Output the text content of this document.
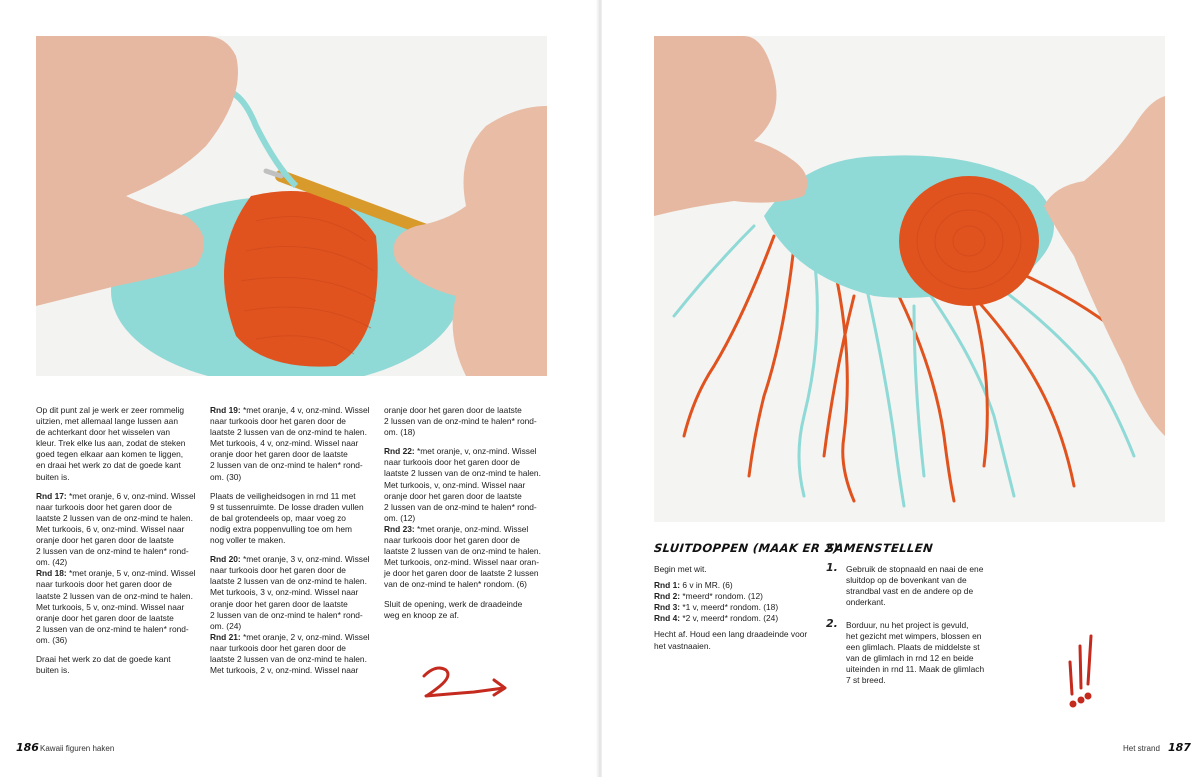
Op dit punt zal je werk er zeer rommelig
uitzien, met allemaal lange lussen aan
de achterkant door het wisselen van
kleur. Trek elke lus aan, zodat de steken
goed tegen elkaar aan komen te liggen,
en draai het werk zo dat de goede kant
buiten is.

Rnd 17: *met oranje, 6 v, onz-mind. Wissel
naar turkoois door het garen door de
laatste 2 lussen van de onz-mind te halen.
Met turkoois, 6 v, onz-mind. Wissel naar
oranje door het garen door de laatste
2 lussen van de onz-mind te halen* rond-
om. (42)

Rnd 18: *met oranje, 5 v, onz-mind. Wissel
naar turkoois door het garen door de
laatste 2 lussen van de onz-mind te halen.
Met turkoois, 5 v, onz-mind. Wissel naar
oranje door het garen door de laatste
2 lussen van de onz-mind te halen* rond-
om. (36)

Draai het werk zo dat de goede kant
buiten is.

Rnd 19: *met oranje, 4 v, onz-mind. Wissel
naar turkoois door het garen door de
laatste 2 lussen van de onz-mind te halen.
Met turkoois, 4 v, onz-mind. Wissel naar
oranje door het garen door de laatste
2 lussen van de onz-mind te halen* rond-
om. (30)

Plaats de veiligheidsogen in rnd 11 met
9 st tussenruimte. De losse draden vullen
de bal grotendeels op, maar voeg zo
nodig extra poppenvulling toe om hem
nog voller te maken.

Rnd 20: *met oranje, 3 v, onz-mind. Wissel
naar turkoois door het garen door de
laatste 2 lussen van de onz-mind te halen.
Met turkoois, 3 v, onz-mind. Wissel naar
oranje door het garen door de laatste
2 lussen van de onz-mind te halen* rond-
om. (24)

Rnd 21: *met oranje, 2 v, onz-mind. Wissel
naar turkoois door het garen door de
laatste 2 lussen van de onz-mind te halen.
Met turkoois, 2 v, onz-mind. Wissel naar

oranje door het garen door de laatste
2 lussen van de onz-mind te halen* rond-
om. (18)

Rnd 22: *met oranje, v, onz-mind. Wissel
naar turkoois door het garen door de
laatste 2 lussen van de onz-mind te halen.
Met turkoois, v, onz-mind. Wissel naar
oranje door het garen door de laatste
2 lussen van de onz-mind te halen* rond-
om. (12)

Rnd 23: *met oranje, onz-mind. Wissel
naar turkoois door het garen door de
laatste 2 lussen van de onz-mind te halen.
Met turkoois, onz-mind. Wissel naar oran-
je door het garen door de laatste 2 lussen
van de onz-mind te halen* rondom. (6)

Sluit de opening, werk de draadeinde
weg en knoop ze af.

186 Kawaii figuren haken
SLUITDOPPEN (MAAK ER 2)

Begin met wit.

Rnd 1: 6 v in MR. (6)
Rnd 2: *meerd* rondom. (12)
Rnd 3: *1 v, meerd* rondom. (18)
Rnd 4: *2 v, meerd* rondom. (24)

Hecht af. Houd een lang draadeinde voor
het vastnaaien.

SAMENSTELLEN
1. Gebruik de stopnaald en naai de ene
sluitdop op de bovenkant van de
strandbal vast en de andere op de
onderkant.
2. Borduur, nu het project is gevuld,
het gezicht met wimpers, blossen en
een glimlach. Plaats de middelste st
van de glimlach in rnd 12 en beide
uiteinden in rnd 11. Maak de glimlach
7 st breed.
Het strand 187
